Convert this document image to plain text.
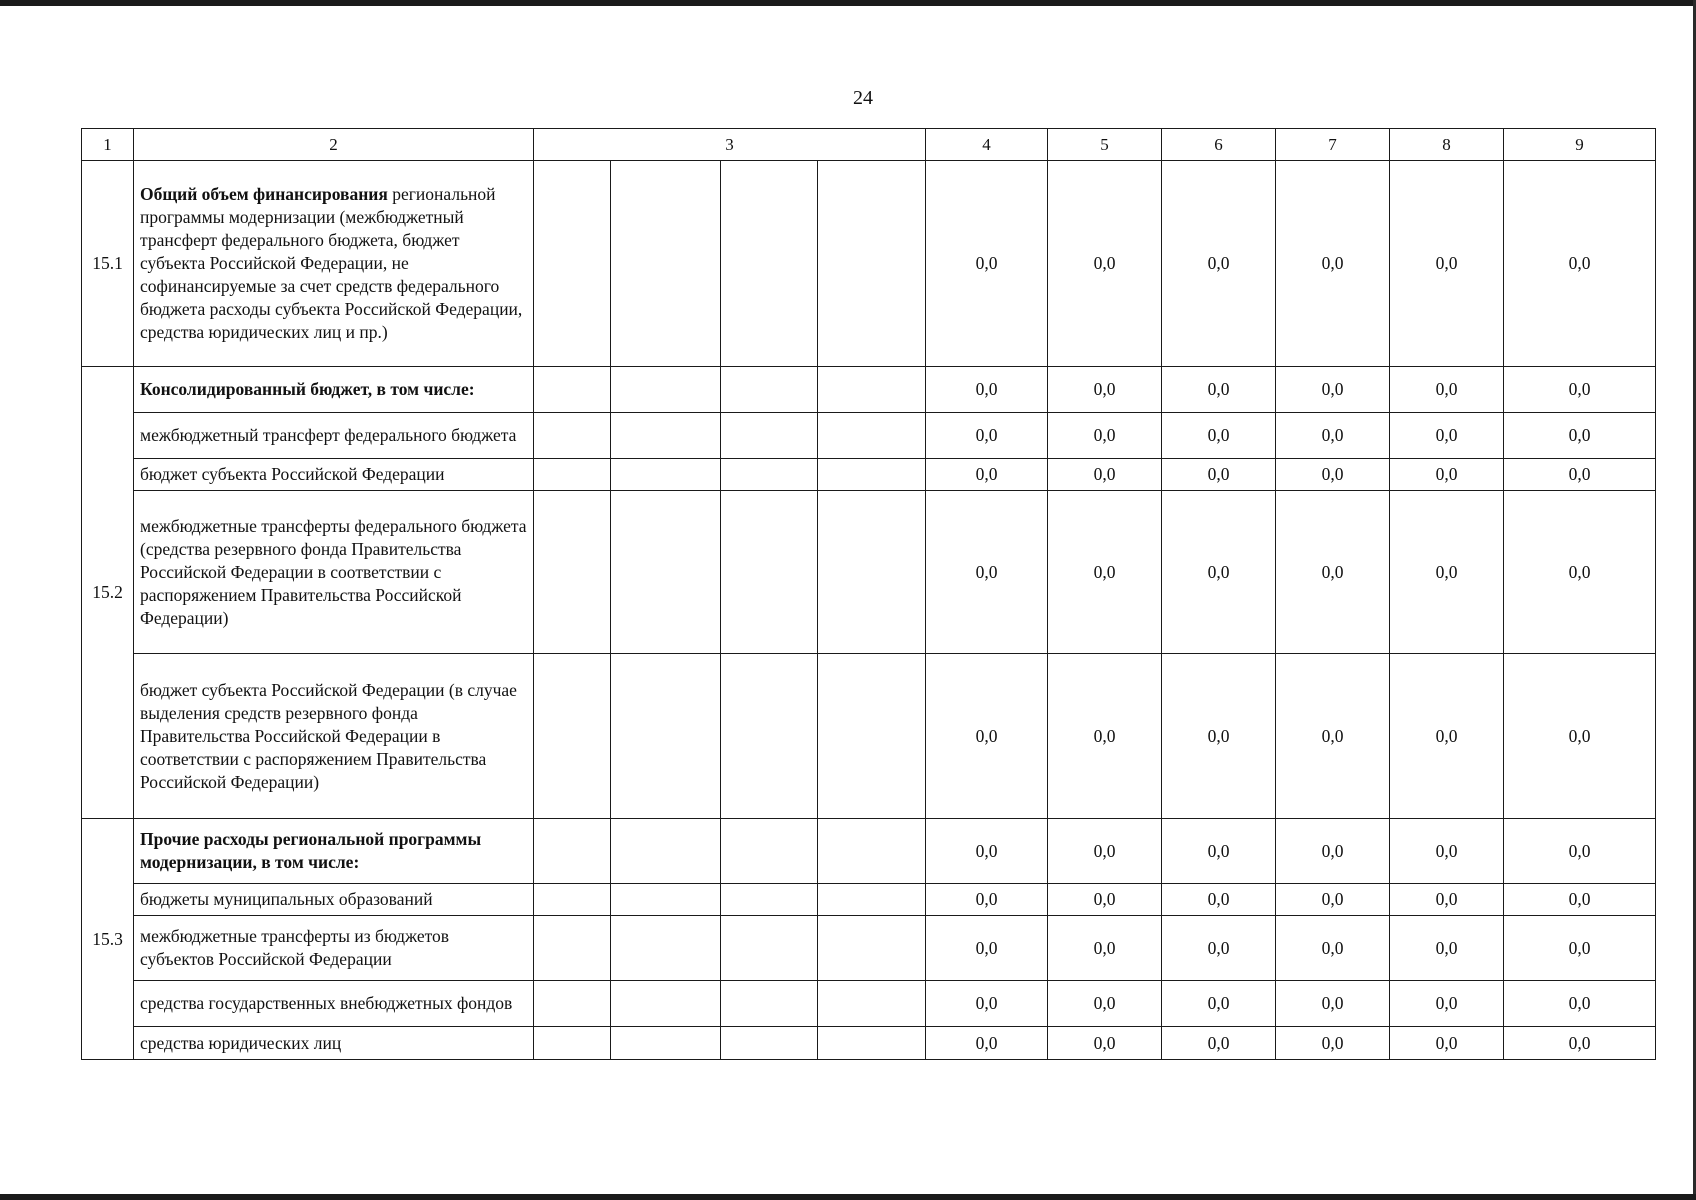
24
1	2	3				4	5	6	7	8	9
15.1	Общий объем финансирования региональной программы модернизации (межбюджетный трансферт федерального бюджета, бюджет субъекта Российской Федерации, не софинансируемые за счет средств федерального бюджета расходы субъекта Российской Федерации, средства юридических лиц и пр.)					0,0	0,0	0,0	0,0	0,0	0,0
15.2	Консолидированный бюджет, в том числе:					0,0	0,0	0,0	0,0	0,0	0,0
	межбюджетный трансферт федерального бюджета					0,0	0,0	0,0	0,0	0,0	0,0
	бюджет субъекта Российской Федерации					0,0	0,0	0,0	0,0	0,0	0,0
	межбюджетные трансферты федерального бюджета (средства резервного фонда Правительства Российской Федерации в соответствии с распоряжением Правительства Российской Федерации)					0,0	0,0	0,0	0,0	0,0	0,0
	бюджет субъекта Российской Федерации (в случае выделения средств резервного фонда Правительства Российской Федерации в соответствии с распоряжением Правительства Российской Федерации)					0,0	0,0	0,0	0,0	0,0	0,0
15.3	Прочие расходы региональной программы модернизации, в том числе:					0,0	0,0	0,0	0,0	0,0	0,0
	бюджеты муниципальных образований					0,0	0,0	0,0	0,0	0,0	0,0
	межбюджетные трансферты из бюджетов субъектов Российской Федерации					0,0	0,0	0,0	0,0	0,0	0,0
	средства государственных внебюджетных фондов					0,0	0,0	0,0	0,0	0,0	0,0
	средства юридических лиц					0,0	0,0	0,0	0,0	0,0	0,0
